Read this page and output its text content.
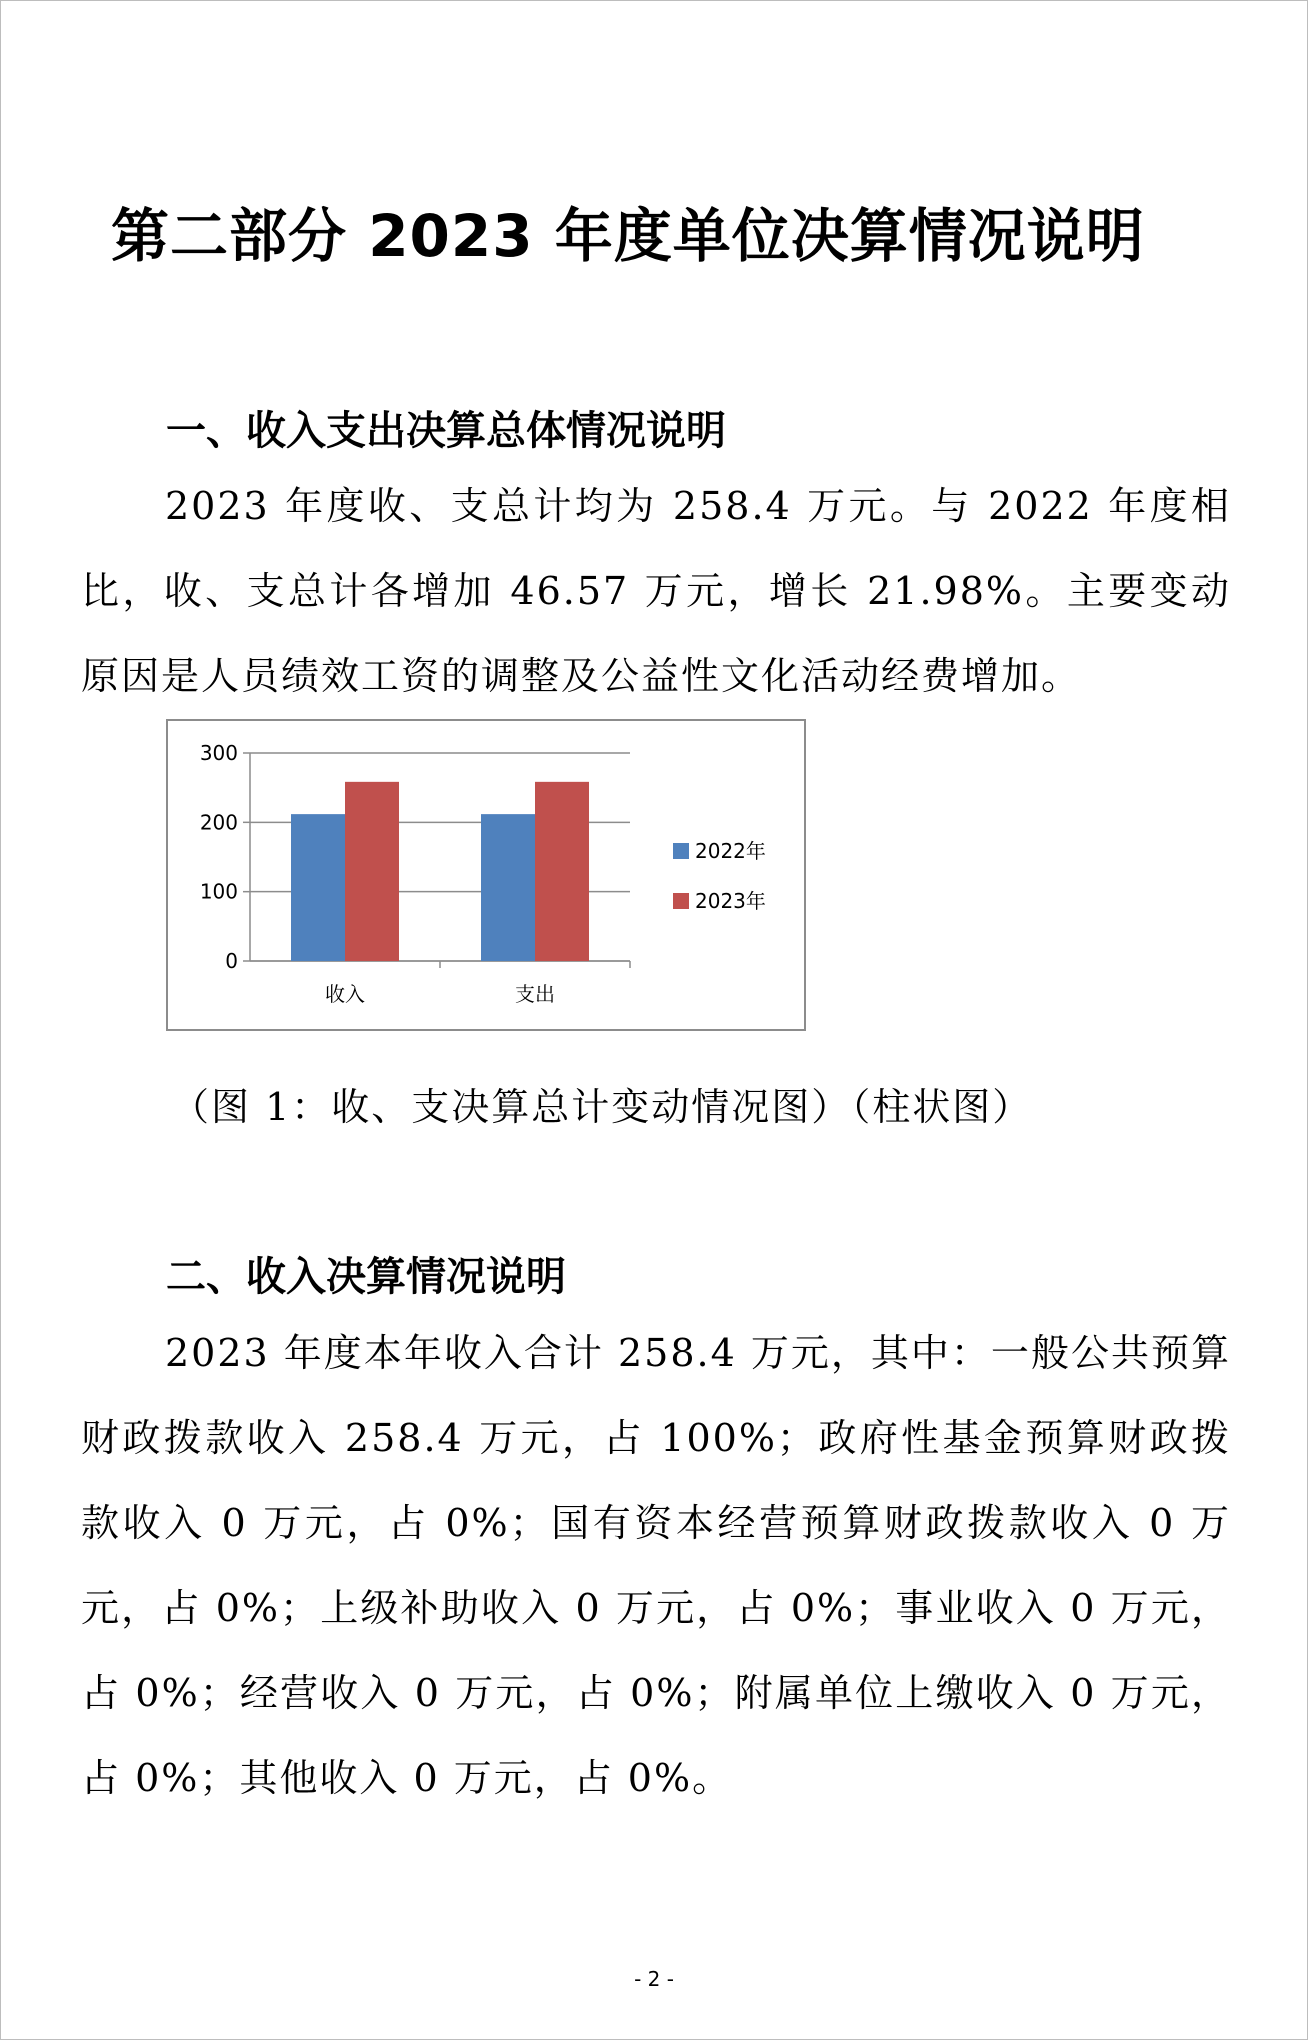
第二部分 2023 年度单位决算情况说明
一、收入支出决算总体情况说明

2023 年度收、支总计均为 258.4 万元。与 2022 年度相比，收、支总计各增加 46.57 万元，增长 21.98%。主要变动原因是人员绩效工资的调整及公益性文化活动经费增加。

0
100
200
300
收入	支出
2022年
2023年
（图 1：收、支决算总计变动情况图）（柱状图）
二、收入决算情况说明

2023 年度本年收入合计 258.4 万元，其中：一般公共预算财政拨款收入 258.4 万元，占 100%；政府性基金预算财政拨款收入 0 万元，占 0%；国有资本经营预算财政拨款收入 0 万元，占 0%；上级补助收入 0 万元，占 0%；事业收入 0 万元，占 0%；经营收入 0 万元，占 0%；附属单位上缴收入 0 万元，占 0%；其他收入 0 万元，占 0%。

- 2 -
